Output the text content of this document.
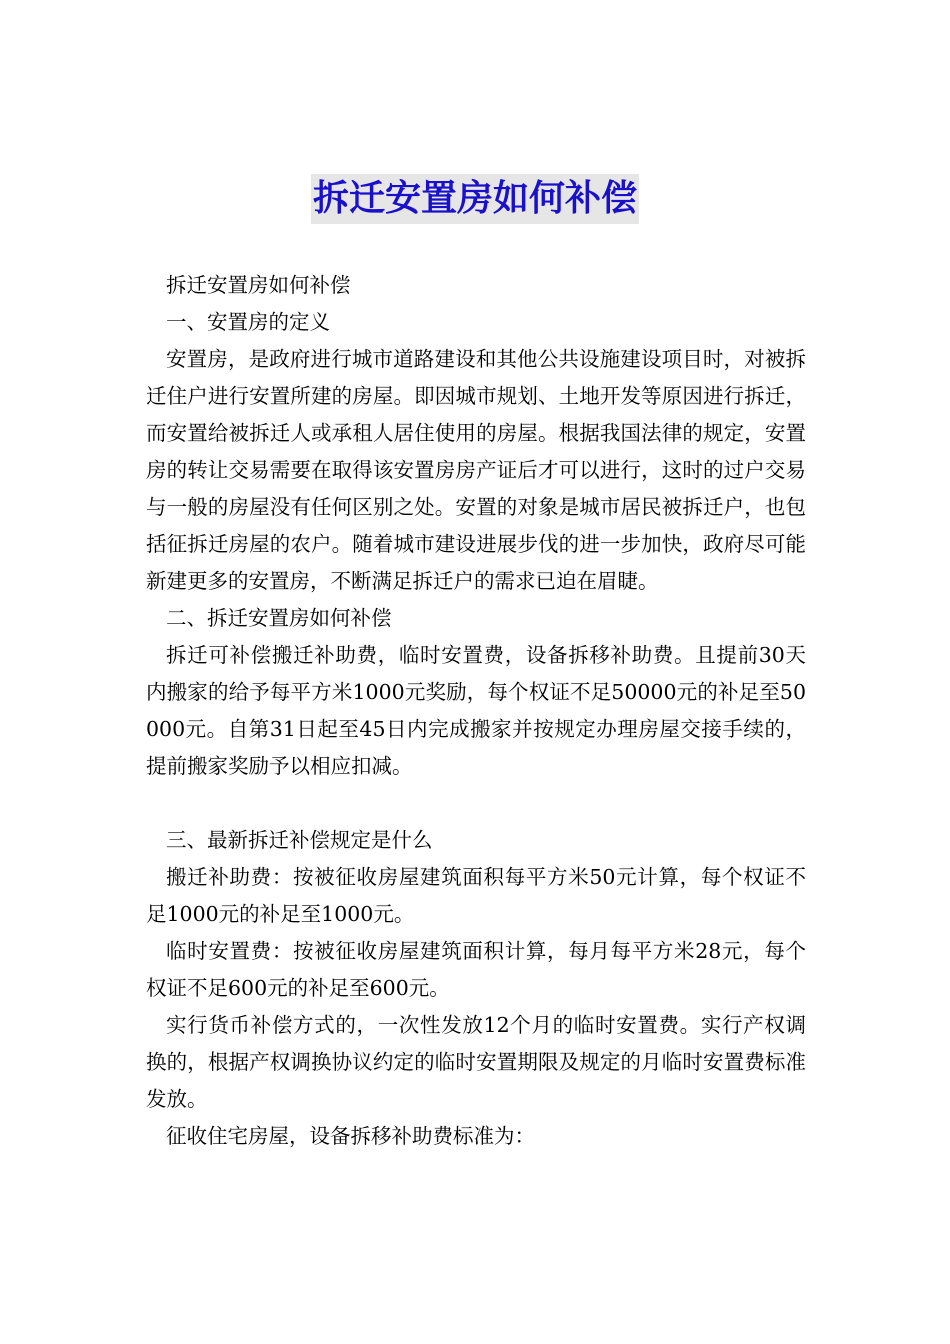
拆迁安置房如何补偿

拆迁安置房如何补偿

一、安置房的定义

安置房，是政府进行城市道路建设和其他公共设施建设项目时，对被拆迁住户进行安置所建的房屋。即因城市规划、土地开发等原因进行拆迁，而安置给被拆迁人或承租人居住使用的房屋。根据我国法律的规定，安置房的转让交易需要在取得该安置房房产证后才可以进行，这时的过户交易与一般的房屋没有任何区别之处。安置的对象是城市居民被拆迁户，也包括征拆迁房屋的农户。随着城市建设进展步伐的进一步加快，政府尽可能新建更多的安置房，不断满足拆迁户的需求已迫在眉睫。

二、拆迁安置房如何补偿

拆迁可补偿搬迁补助费，临时安置费，设备拆移补助费。且提前30天内搬家的给予每平方米1000元奖励，每个权证不足50000元的补足至50000元。自第31日起至45日内完成搬家并按规定办理房屋交接手续的，提前搬家奖励予以相应扣减。

三、最新拆迁补偿规定是什么

搬迁补助费：按被征收房屋建筑面积每平方米50元计算，每个权证不足1000元的补足至1000元。

临时安置费：按被征收房屋建筑面积计算，每月每平方米28元，每个权证不足600元的补足至600元。

实行货币补偿方式的，一次性发放12个月的临时安置费。实行产权调换的，根据产权调换协议约定的临时安置期限及规定的月临时安置费标准发放。

征收住宅房屋，设备拆移补助费标准为：
